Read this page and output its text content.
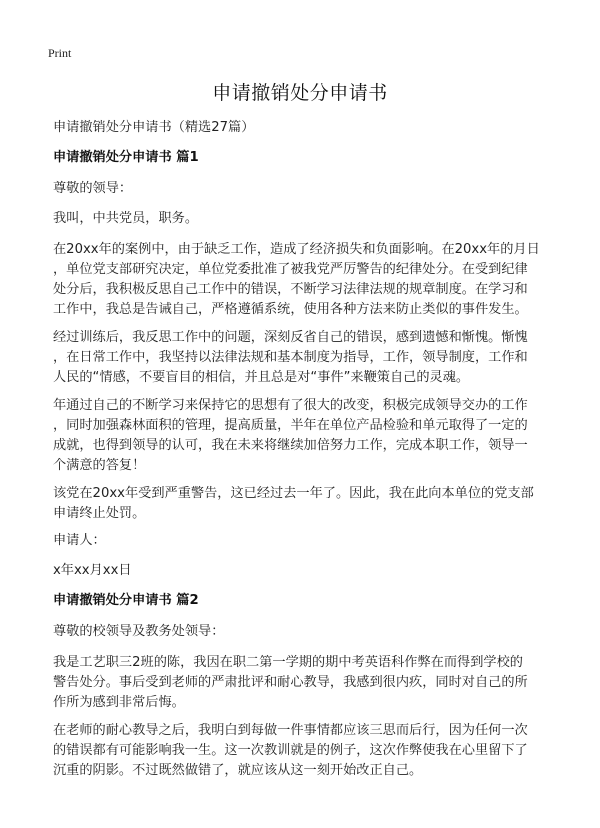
Print
申请撤销处分申请书
申请撤销处分申请书（精选27篇）
申请撤销处分申请书 篇1
尊敬的领导：
我叫，中共党员，职务。
在20xx年的案例中，由于缺乏工作，造成了经济损失和负面影响。在20xx年的月日
，单位党支部研究决定，单位党委批准了被我党严厉警告的纪律处分。在受到纪律
处分后，我积极反思自己工作中的错误，不断学习法律法规的规章制度。在学习和
工作中，我总是告诫自己，严格遵循系统，使用各种方法来防止类似的事件发生。
经过训练后，我反思工作中的问题，深刻反省自己的错误，感到遗憾和惭愧。惭愧
，在日常工作中，我坚持以法律法规和基本制度为指导，工作，领导制度，工作和
人民的“情感，不要盲目的相信，并且总是对“事件”来鞭策自己的灵魂。
年通过自己的不断学习来保持它的思想有了很大的改变，积极完成领导交办的工作
，同时加强森林面积的管理，提高质量，半年在单位产品检验和单元取得了一定的
成就，也得到领导的认可，我在未来将继续加倍努力工作，完成本职工作，领导一
个满意的答复！
该党在20xx年受到严重警告，这已经过去一年了。因此，我在此向本单位的党支部
申请终止处罚。
申请人：
x年xx月xx日
申请撤销处分申请书 篇2
尊敬的校领导及教务处领导：
我是工艺职三2班的陈，我因在职二第一学期的期中考英语科作弊在而得到学校的
警告处分。事后受到老师的严肃批评和耐心教导，我感到很内疚，同时对自己的所
作所为感到非常后悔。
在老师的耐心教导之后，我明白到每做一件事情都应该三思而后行，因为任何一次
的错误都有可能影响我一生。这一次教训就是的例子，这次作弊使我在心里留下了
沉重的阴影。不过既然做错了，就应该从这一刻开始改正自己。
